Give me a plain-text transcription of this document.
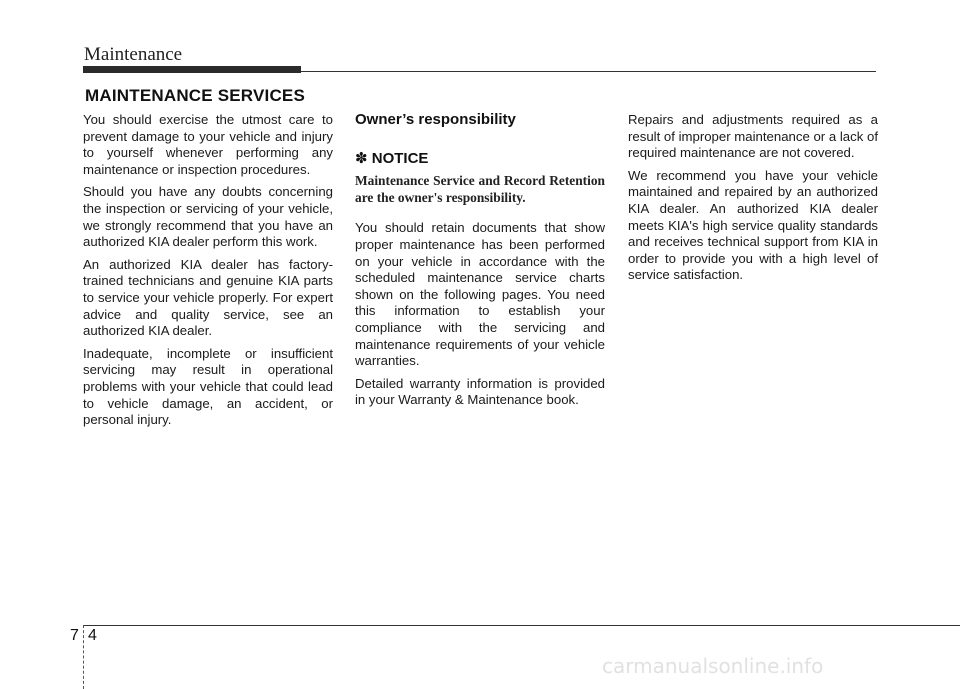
Maintenance
MAINTENANCE SERVICES

You should exercise the utmost care to prevent damage to your vehicle and injury to yourself whenever performing any maintenance or inspection procedures.

Should you have any doubts concerning the inspection or servicing of your vehicle, we strongly recommend that you have an authorized KIA dealer perform this work.

An authorized KIA dealer has factory-trained technicians and genuine KIA parts to service your vehicle properly. For expert advice and quality service, see an authorized KIA dealer.

Inadequate, incomplete or insufficient servicing may result in operational problems with your vehicle that could lead to vehicle damage, an accident, or personal injury.

Owner’s responsibility
✽ NOTICE
Maintenance Service and Record Retention are the owner's responsibility.

You should retain documents that show proper maintenance has been performed on your vehicle in accordance with the scheduled maintenance service charts shown on the following pages. You need this information to establish your compliance with the servicing and maintenance requirements of your vehicle warranties.

Detailed warranty information is provided in your Warranty & Maintenance book.

Repairs and adjustments required as a result of improper maintenance or a lack of required maintenance are not covered.

We recommend you have your vehicle maintained and repaired by an authorized KIA dealer. An authorized KIA dealer meets KIA's high service quality standards and receives technical support from KIA in order to provide you with a high level of service satisfaction.

7 4
carmanualsonline.info
